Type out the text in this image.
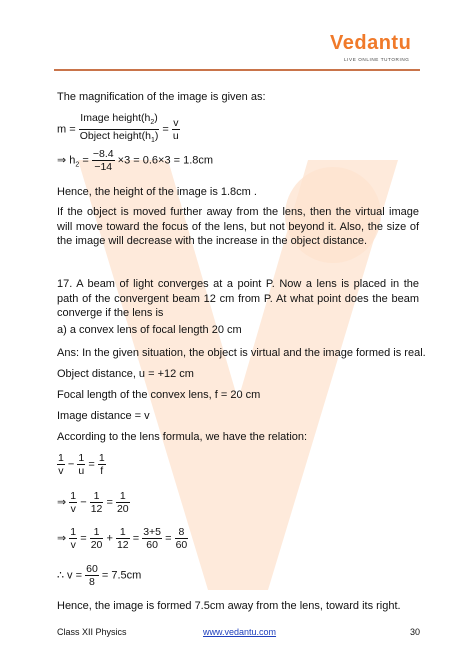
Vedantu
LIVE ONLINE TUTORING
The magnification of the image is given as:
$m = \frac{Image height(h_2)}{Object height(h_1)} = \frac{v}{u}$
⇒ $h_2 = \frac{-8.4}{-14} \times 3 = 0.6\times 3 = 1.8cm$
Hence, the height of the image is 1.8cm .
If the object is moved further away from the lens, then the virtual image will move toward the focus of the lens, but not beyond it. Also, the size of the image will decrease with the increase in the object distance.
17. A beam of light converges at a point P. Now a lens is placed in the path of the convergent beam 12 cm from P. At what point does the beam converge if the lens is
a) a convex lens of focal length 20 cm
Ans: In the given situation, the object is virtual and the image formed is real.
Object distance, u = +12 cm
Focal length of the convex lens, f = 20 cm
Image distance = v
According to the lens formula, we have the relation:
$\frac{1}{v} - \frac{1}{u} = \frac{1}{f}$
⇒ $\frac{1}{v} - \frac{1}{12} = \frac{1}{20}$
⇒ $\frac{1}{v} = \frac{1}{20} + \frac{1}{12} = \frac{3+5}{60} = \frac{8}{60}$
∴ $v = \frac{60}{8} = 7.5cm$
Hence, the image is formed 7.5cm away from the lens, toward its right.
Class XII Physics	www.vedantu.com	30
